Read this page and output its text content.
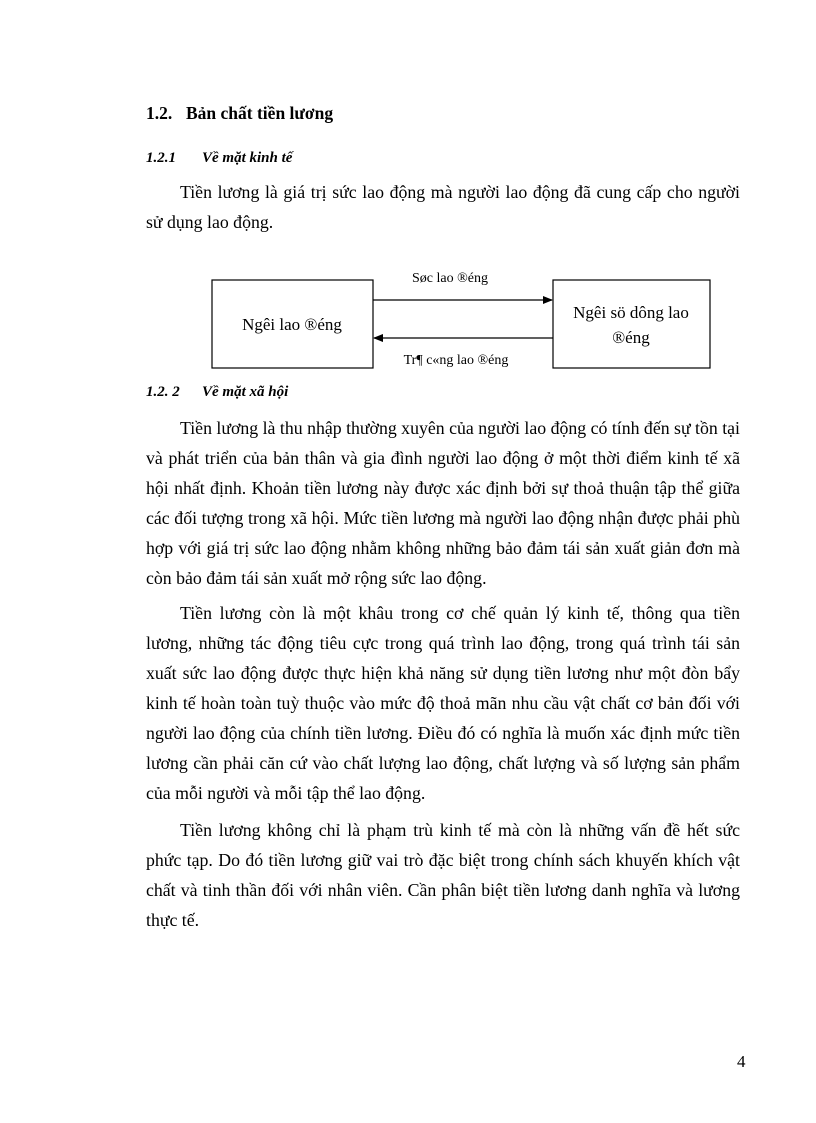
1.2. Bản chất tiền lương
1.2.1 Về mặt kinh tế

Tiền lương là giá trị sức lao động mà người lao động đã cung cấp cho người sử dụng lao động.

Ngêi lao ®éng
Ngêi sö dông lao
®éng
Søc lao ®éng
Tr¶ c«ng lao ®éng
1.2. 2 Về mặt xã hội

Tiền lương là thu nhập thường xuyên của người lao động có tính đến sự tồn tại và phát triển của bản thân và gia đình người lao động ở một thời điểm kinh tế xã hội nhất định. Khoản tiền lương này được xác định bởi sự thoả thuận tập thể giữa các đối tượng trong xã hội. Mức tiền lương mà người lao động nhận được phải phù hợp với giá trị sức lao động nhằm không những bảo đảm tái sản xuất giản đơn mà còn bảo đảm tái sản xuất mở rộng sức lao động.

Tiền lương còn là một khâu trong cơ chế quản lý kinh tế, thông qua tiền lương, những tác động tiêu cực trong quá trình lao động, trong quá trình tái sản xuất sức lao động được thực hiện khả năng sử dụng tiền lương như một đòn bẩy kinh tế hoàn toàn tuỳ thuộc vào mức độ thoả mãn nhu cầu vật chất cơ bản đối với người lao động của chính tiền lương. Điều đó có nghĩa là muốn xác định mức tiền lương cần phải căn cứ vào chất lượng lao động, chất lượng và số lượng sản phẩm của mỗi người và mỗi tập thể lao động.

Tiền lương không chỉ là phạm trù kinh tế mà còn là những vấn đề hết sức phức tạp. Do đó tiền lương giữ vai trò đặc biệt trong chính sách khuyến khích vật chất và tinh thần đối với nhân viên. Cần phân biệt tiền lương danh nghĩa và lương thực tế.

4
